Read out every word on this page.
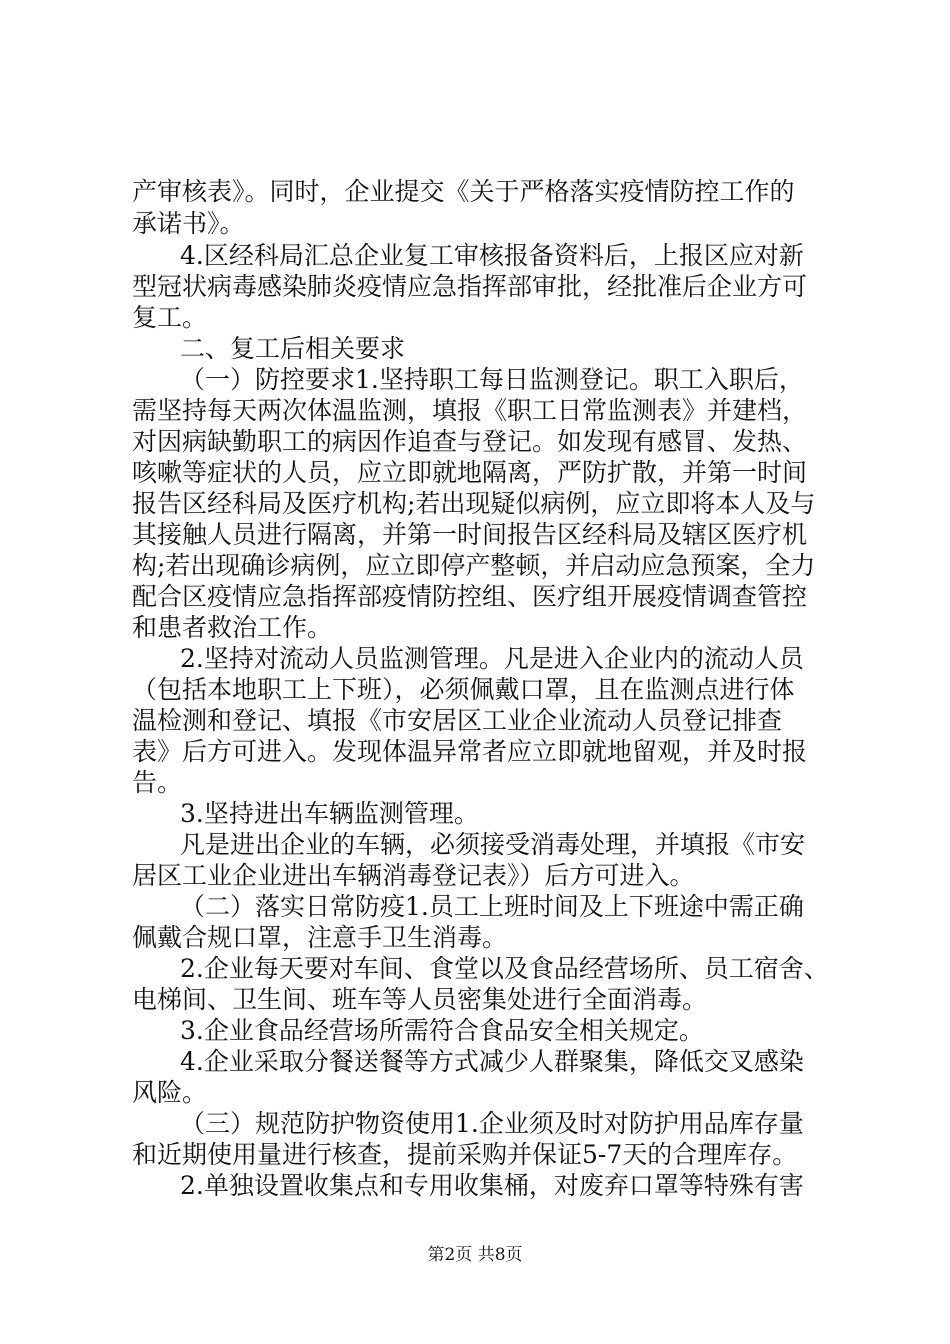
产审核表》。同时，企业提交《关于严格落实疫情防控工作的
承诺书》。
4.区经科局汇总企业复工审核报备资料后，上报区应对新
型冠状病毒感染肺炎疫情应急指挥部审批，经批准后企业方可
复工。
二、复工后相关要求
（一）防控要求1.坚持职工每日监测登记。职工入职后，
需坚持每天两次体温监测，填报《职工日常监测表》并建档，
对因病缺勤职工的病因作追查与登记。如发现有感冒、发热、
咳嗽等症状的人员，应立即就地隔离，严防扩散，并第一时间
报告区经科局及医疗机构;若出现疑似病例，应立即将本人及与
其接触人员进行隔离，并第一时间报告区经科局及辖区医疗机
构;若出现确诊病例，应立即停产整顿，并启动应急预案，全力
配合区疫情应急指挥部疫情防控组、医疗组开展疫情调查管控
和患者救治工作。
2.坚持对流动人员监测管理。凡是进入企业内的流动人员
（包括本地职工上下班），必须佩戴口罩，且在监测点进行体
温检测和登记、填报《市安居区工业企业流动人员登记排查
表》后方可进入。发现体温异常者应立即就地留观，并及时报
告。
3.坚持进出车辆监测管理。
凡是进出企业的车辆，必须接受消毒处理，并填报《市安
居区工业企业进出车辆消毒登记表》）后方可进入。
（二）落实日常防疫1.员工上班时间及上下班途中需正确
佩戴合规口罩，注意手卫生消毒。
2.企业每天要对车间、食堂以及食品经营场所、员工宿舍、
电梯间、卫生间、班车等人员密集处进行全面消毒。
3.企业食品经营场所需符合食品安全相关规定。
4.企业采取分餐送餐等方式减少人群聚集，降低交叉感染
风险。
（三）规范防护物资使用1.企业须及时对防护用品库存量
和近期使用量进行核查，提前采购并保证5-7天的合理库存。
2.单独设置收集点和专用收集桶，对废弃口罩等特殊有害
第2页 共8页
